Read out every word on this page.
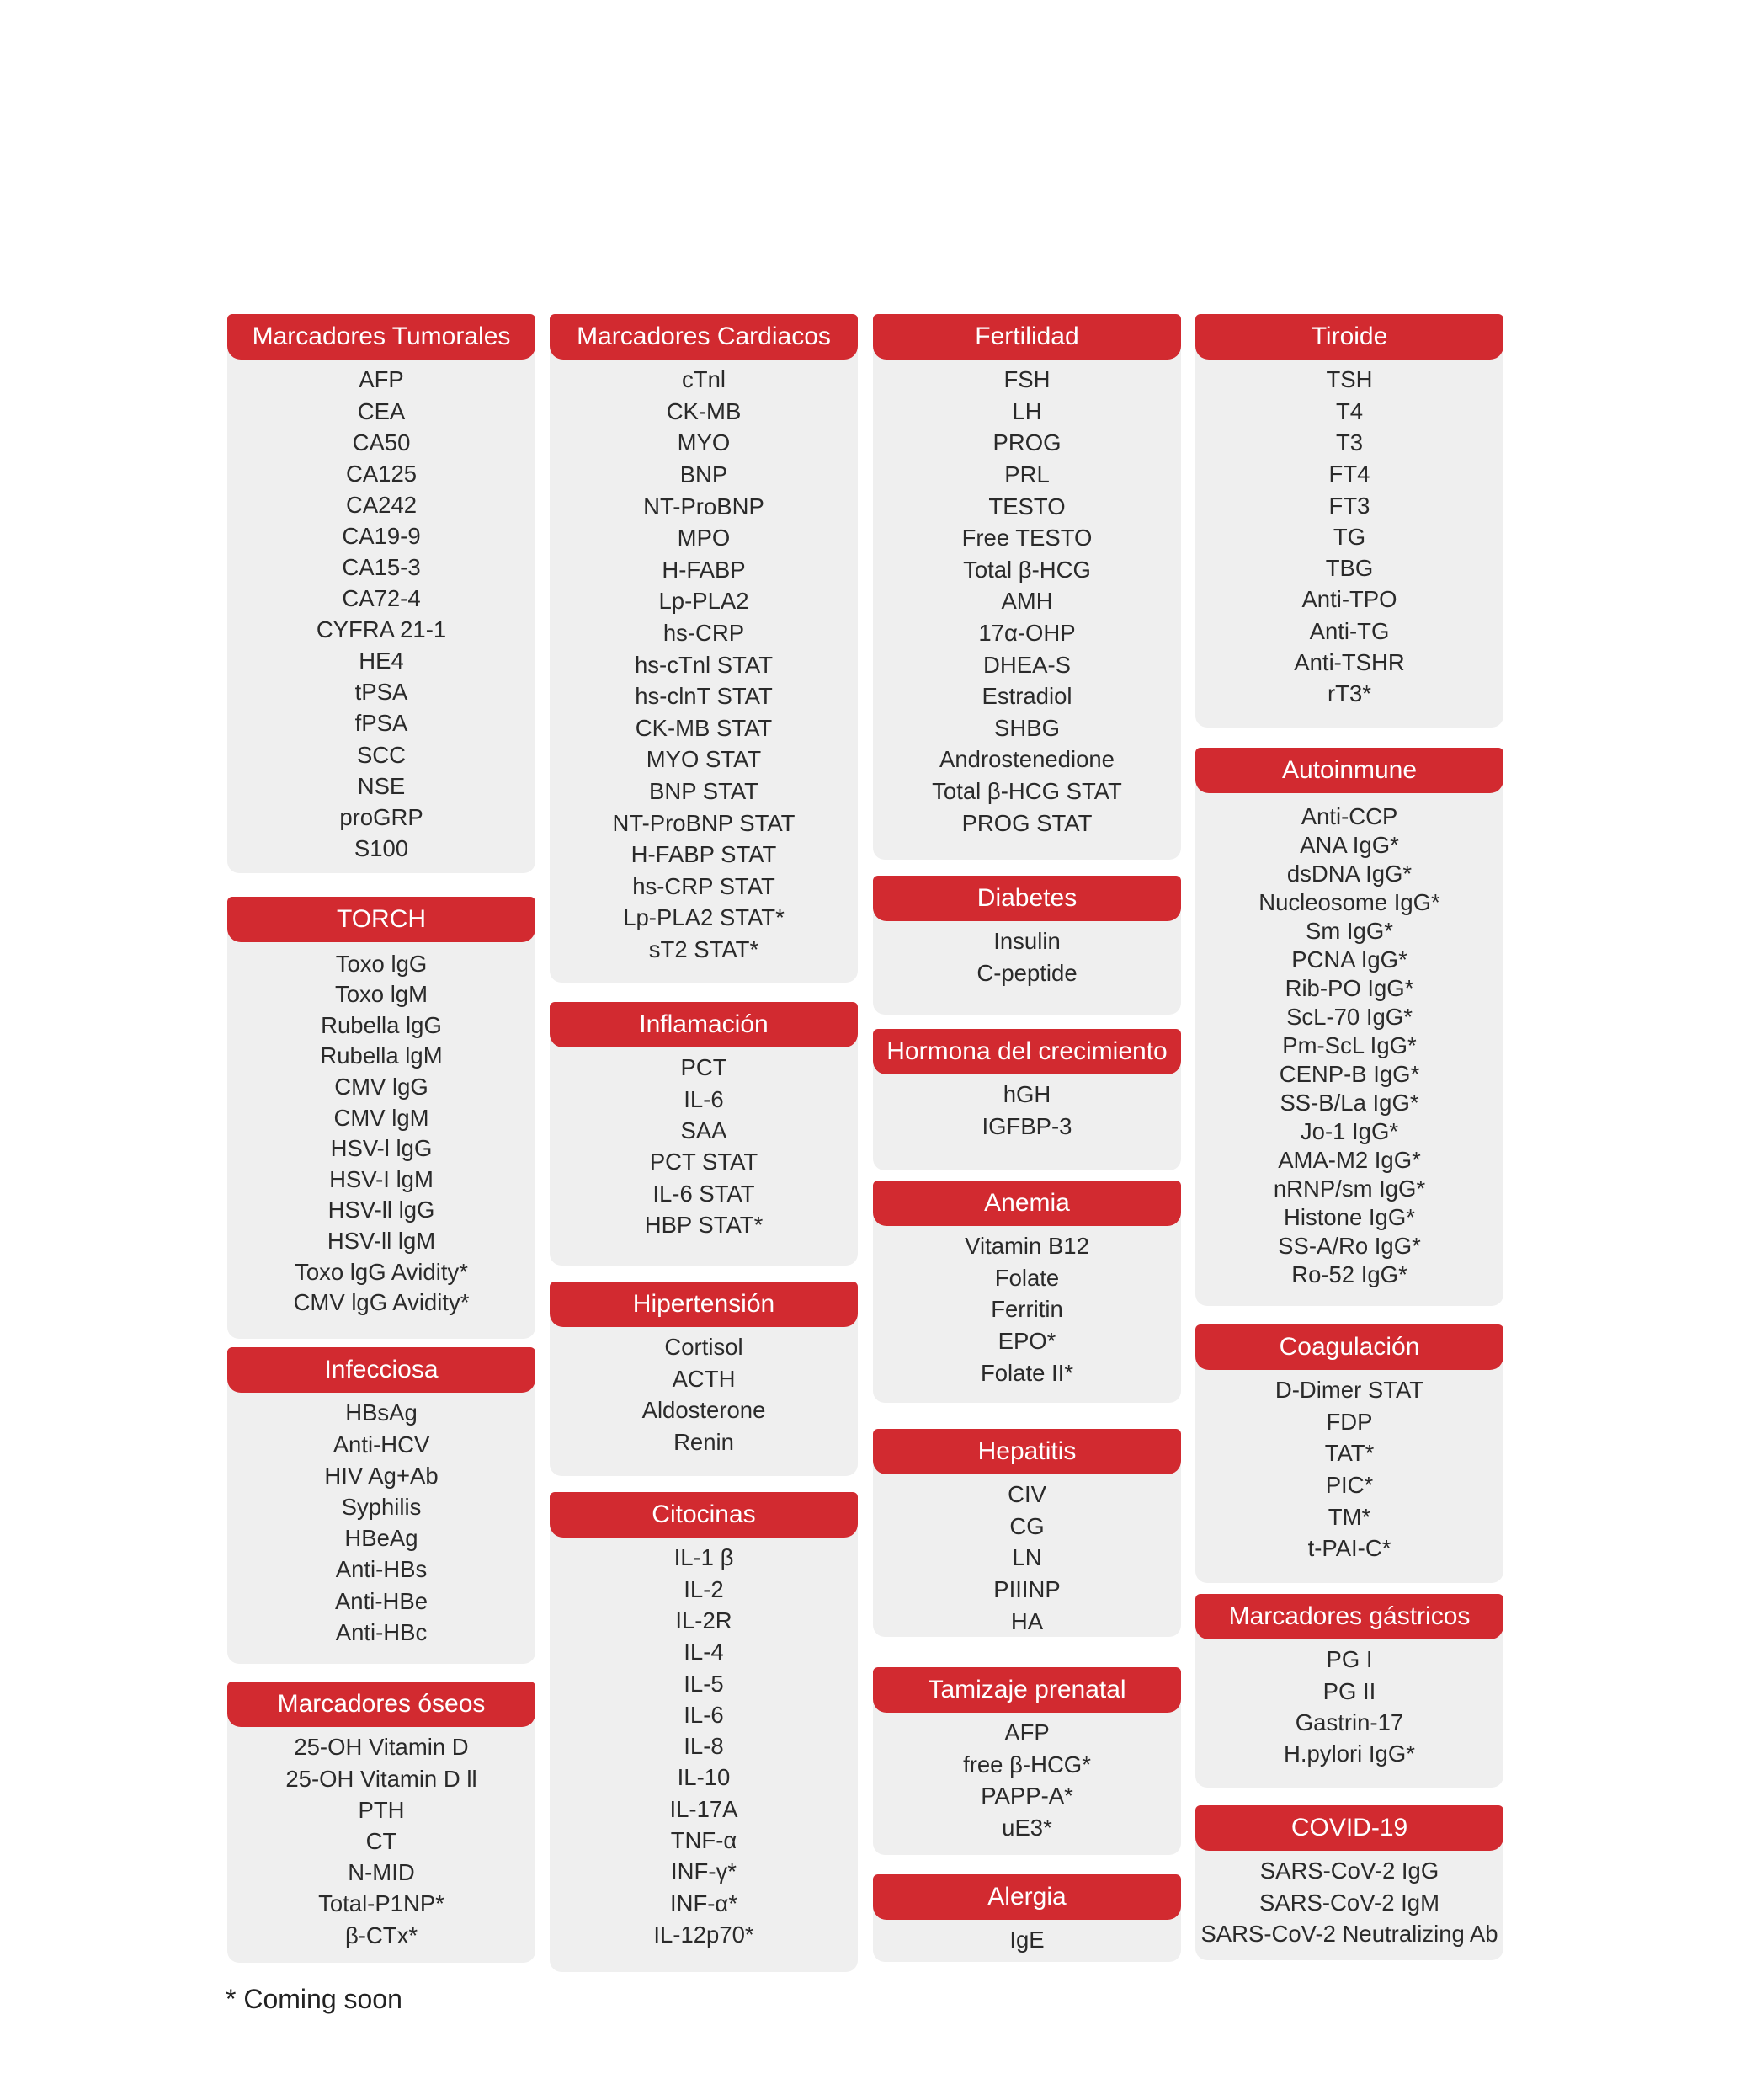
Marcadores Tumorales
AFP
CEA
CA50
CA125
CA242
CA19-9
CA15-3
CA72-4
CYFRA 21-1
HE4
tPSA
fPSA
SCC
NSE
proGRP
S100
TORCH
Toxo lgG
Toxo lgM
Rubella lgG
Rubella lgM
CMV lgG
CMV lgM
HSV-l lgG
HSV-I lgM
HSV-ll lgG
HSV-ll lgM
Toxo lgG Avidity*
CMV lgG Avidity*
Infecciosa
HBsAg
Anti-HCV
HIV Ag+Ab
Syphilis
HBeAg
Anti-HBs
Anti-HBe
Anti-HBc
Marcadores óseos
25-OH Vitamin D
25-OH Vitamin D ll
PTH
CT
N-MID
Total-P1NP*
β-CTx*
Marcadores Cardiacos
cTnl
CK-MB
MYO
BNP
NT-ProBNP
MPO
H-FABP
Lp-PLA2
hs-CRP
hs-cTnl STAT
hs-clnT STAT
CK-MB STAT
MYO STAT
BNP STAT
NT-ProBNP STAT
H-FABP STAT
hs-CRP STAT
Lp-PLA2 STAT*
sT2 STAT*
Inflamación
PCT
IL-6
SAA
PCT STAT
IL-6 STAT
HBP STAT*
Hipertensión
Cortisol
ACTH
Aldosterone
Renin
Citocinas
IL-1 β
IL-2
IL-2R
IL-4
IL-5
IL-6
IL-8
IL-10
IL-17A
TNF-α
INF-γ*
INF-α*
IL-12p70*
Fertilidad
FSH
LH
PROG
PRL
TESTO
Free TESTO
Total β-HCG
AMH
17α-OHP
DHEA-S
Estradiol
SHBG
Androstenedione
Total β-HCG STAT
PROG STAT
Diabetes
Insulin
C-peptide
Hormona del crecimiento
hGH
IGFBP-3
Anemia
Vitamin B12
Folate
Ferritin
EPO*
Folate II*
Hepatitis
CIV
CG
LN
PIIINP
HA
Tamizaje prenatal
AFP
free β-HCG*
PAPP-A*
uE3*
Alergia
IgE
Tiroide
TSH
T4
T3
FT4
FT3
TG
TBG
Anti-TPO
Anti-TG
Anti-TSHR
rT3*
Autoinmune
Anti-CCP
ANA IgG*
dsDNA IgG*
Nucleosome IgG*
Sm IgG*
PCNA IgG*
Rib-PO IgG*
ScL-70 IgG*
Pm-ScL IgG*
CENP-B IgG*
SS-B/La IgG*
Jo-1 IgG*
AMA-M2 IgG*
nRNP/sm IgG*
Histone IgG*
SS-A/Ro IgG*
Ro-52 IgG*
Coagulación
D-Dimer STAT
FDP
TAT*
PIC*
TM*
t-PAI-C*
Marcadores gástricos
PG I
PG II
Gastrin-17
H.pylori IgG*
COVID-19
SARS-CoV-2 IgG
SARS-CoV-2 IgM
SARS-CoV-2 Neutralizing Ab
* Coming soon
